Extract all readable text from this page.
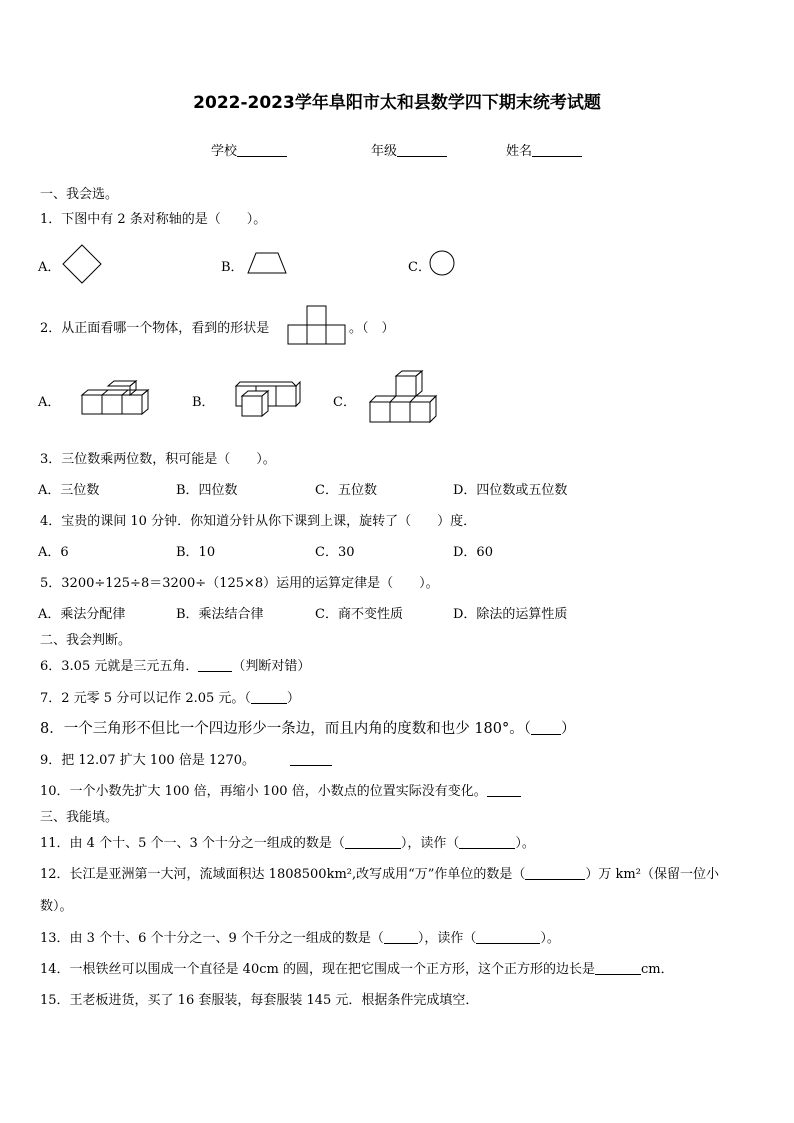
2022-2023学年阜阳市太和县数学四下期末统考试题
学校	年级	姓名
一、我会选。
1．下图中有 2 条对称轴的是（　　）。
A．	B．	C．
2．从正面看哪一个物体，看到的形状是	。（　）
A．	B．	C．
3．三位数乘两位数，积可能是（　　）。
A．三位数	B．四位数	C．五位数	D．四位数或五位数
4．宝贵的课间 10 分钟．你知道分针从你下课到上课，旋转了（　　）度．
A．6	B．10	C．30	D．60
5．3200÷125÷8＝3200÷（125×8）运用的运算定律是（　　）。
A．乘法分配律	B．乘法结合律	C．商不变性质	D．除法的运算性质
二、我会判断。
6．3.05 元就是三元五角．	（判断对错）
7．2 元零 5 分可以记作 2.05 元。（	）
8．一个三角形不但比一个四边形少一条边，而且内角的度数和也少 180°。（ ）
9．把 12.07 扩大 100 倍是 1270。
10．一个小数先扩大 100 倍，再缩小 100 倍，小数点的位置实际没有变化。
三、我能填。
11．由 4 个十、5 个一、3 个十分之一组成的数是（	），读作（	）。
12．长江是亚洲第一大河，流域面积达 1808500km²,改写成用“万”作单位的数是（	）万 km²（保留一位小
数）。
13．由 3 个十、6 个十分之一、9 个千分之一组成的数是（	），读作（	）。
14．一根铁丝可以围成一个直径是 40cm 的圆，现在把它围成一个正方形，这个正方形的边长是	cm．
15．王老板进货，买了 16 套服装，每套服装 145 元．根据条件完成填空．
